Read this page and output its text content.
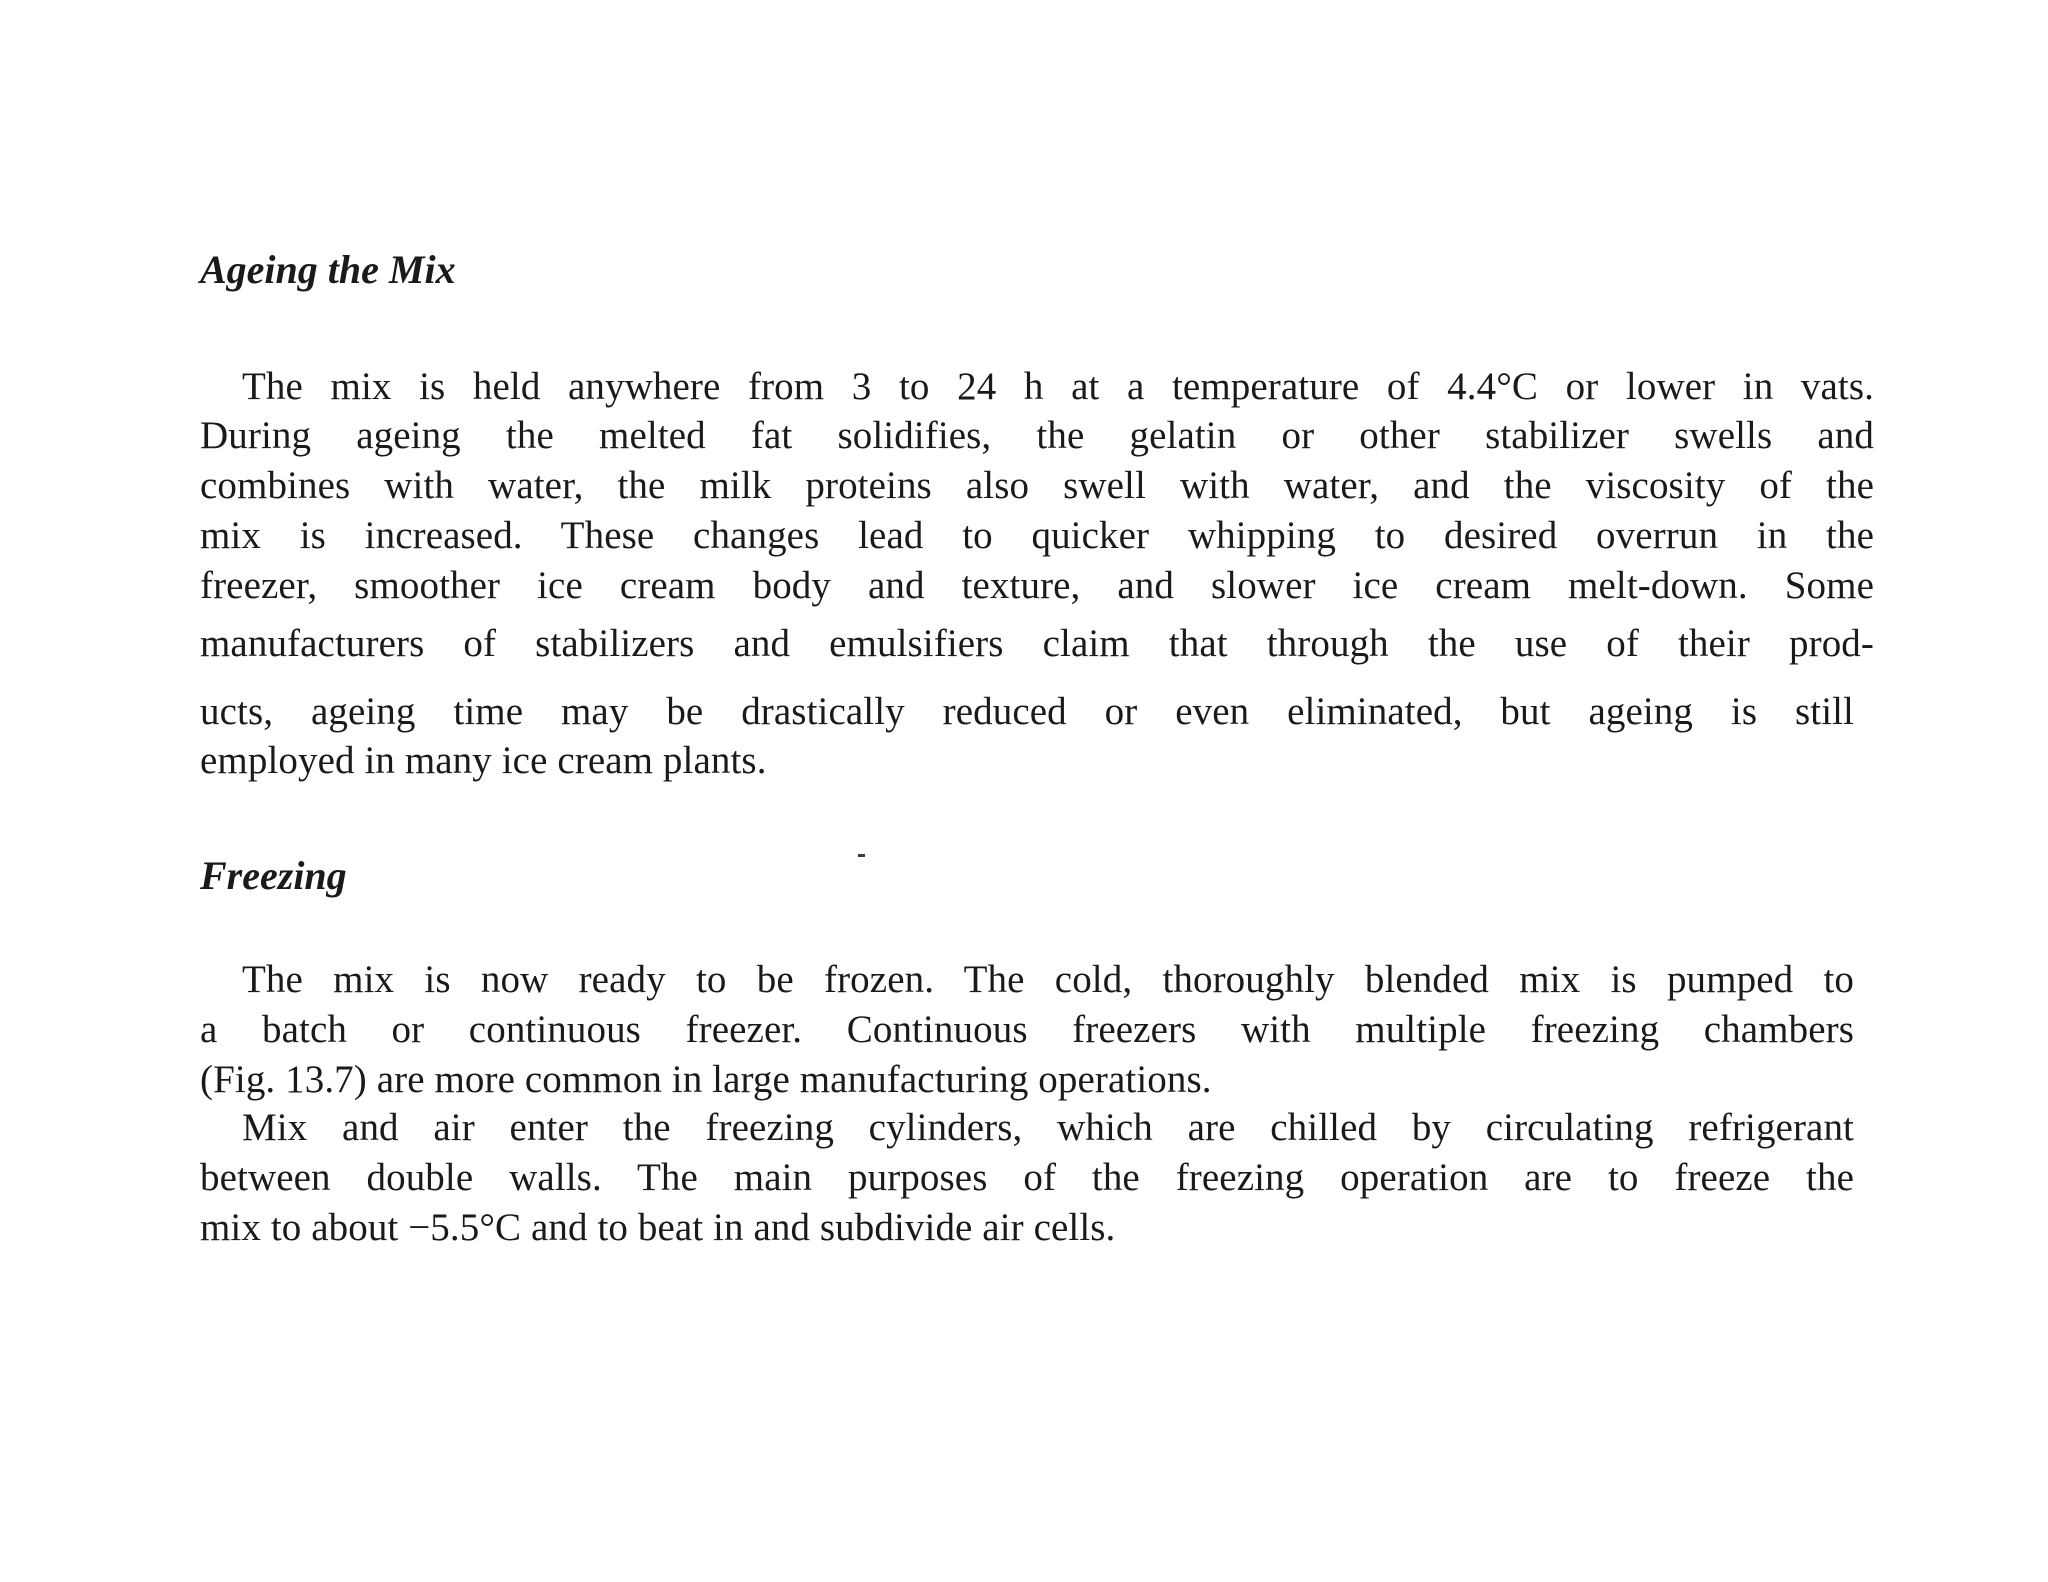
Ageing the Mix
The mix is held anywhere from 3 to 24 h at a temperature of 4.4°C or lower in vats.
During ageing the melted fat solidifies, the gelatin or other stabilizer swells and
combines with water, the milk proteins also swell with water, and the viscosity of the
mix is increased. These changes lead to quicker whipping to desired overrun in the
freezer, smoother ice cream body and texture, and slower ice cream melt-down. Some
manufacturers of stabilizers and emulsifiers claim that through the use of their prod-
ucts, ageing time may be drastically reduced or even eliminated, but ageing is still
employed in many ice cream plants.
Freezing
The mix is now ready to be frozen. The cold, thoroughly blended mix is pumped to
a batch or continuous freezer. Continuous freezers with multiple freezing chambers
(Fig. 13.7) are more common in large manufacturing operations.
Mix and air enter the freezing cylinders, which are chilled by circulating refrigerant
between double walls. The main purposes of the freezing operation are to freeze the
mix to about −5.5°C and to beat in and subdivide air cells.
